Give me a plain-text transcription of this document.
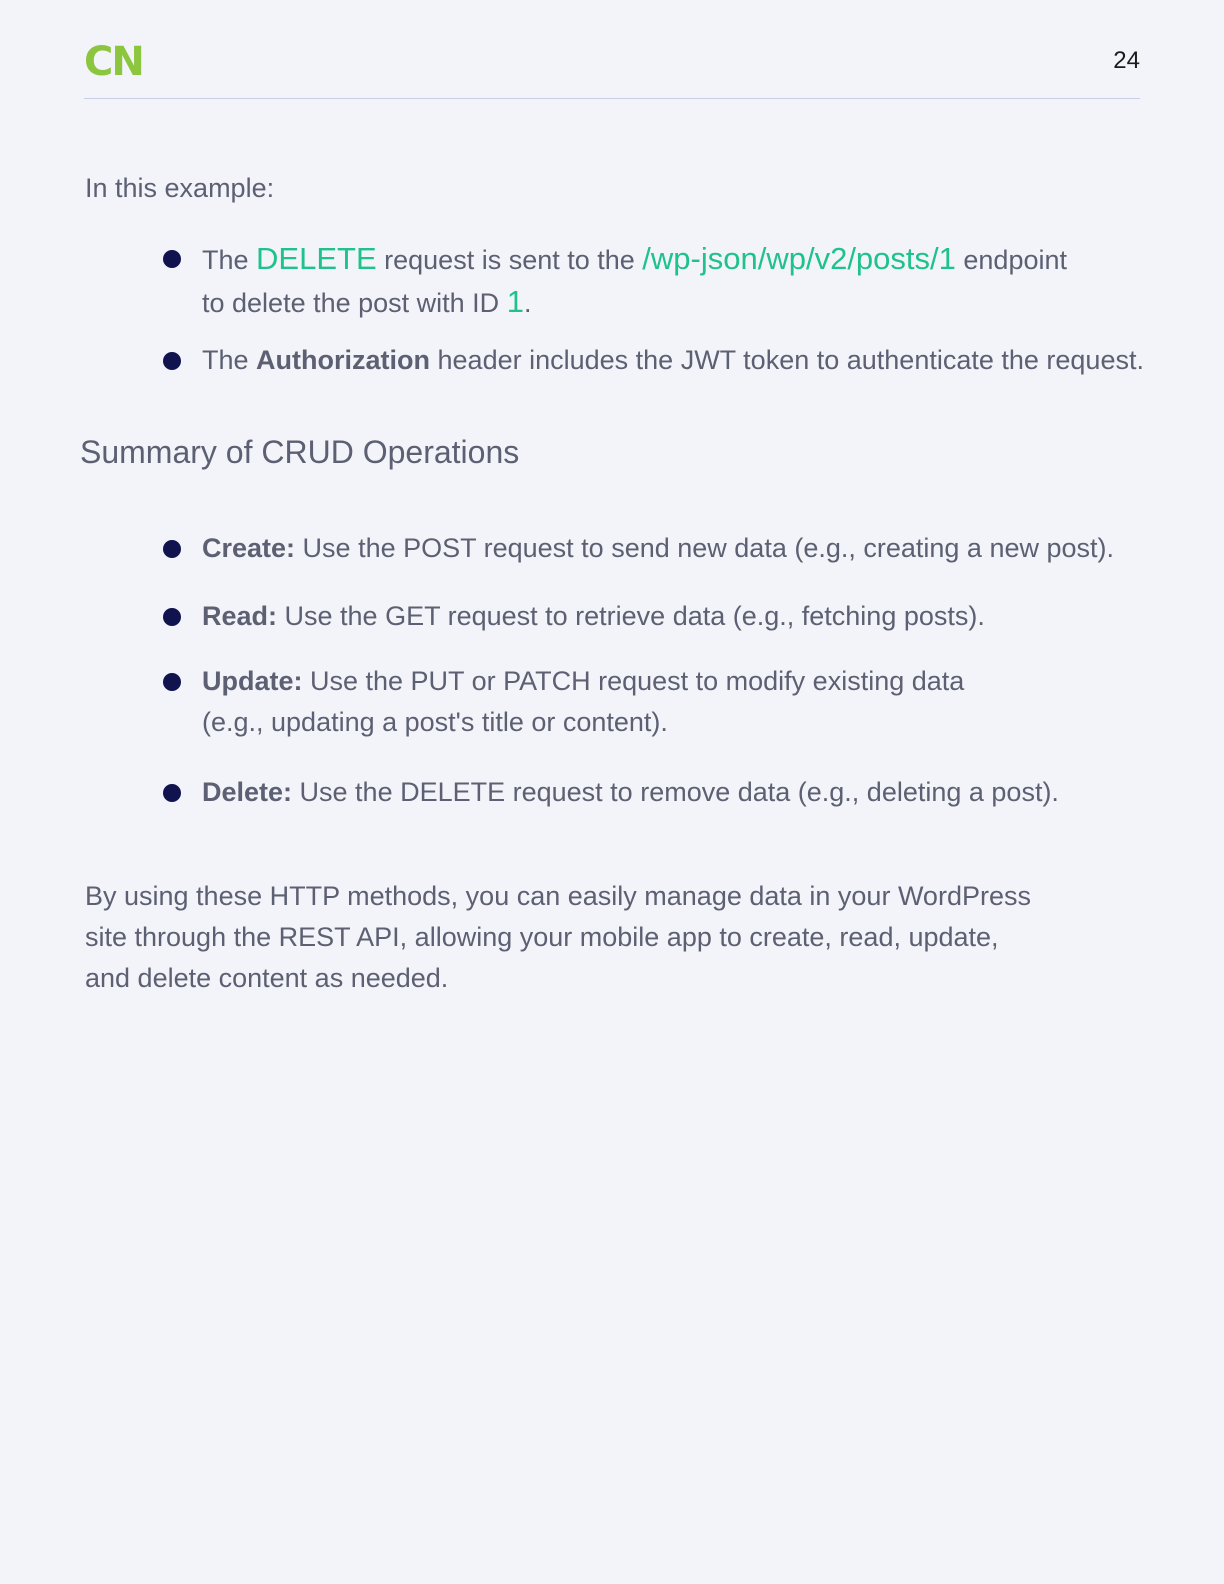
CN	24
In this example:
The DELETE request is sent to the /wp-json/wp/v2/posts/1 endpoint
to delete the post with ID 1.
The Authorization header includes the JWT token to authenticate the request.
Summary of CRUD Operations
Create: Use the POST request to send new data (e.g., creating a new post).
Read: Use the GET request to retrieve data (e.g., fetching posts).
Update: Use the PUT or PATCH request to modify existing data
(e.g., updating a post's title or content).
Delete: Use the DELETE request to remove data (e.g., deleting a post).

By using these HTTP methods, you can easily manage data in your WordPress
site through the REST API, allowing your mobile app to create, read, update,
and delete content as needed.
